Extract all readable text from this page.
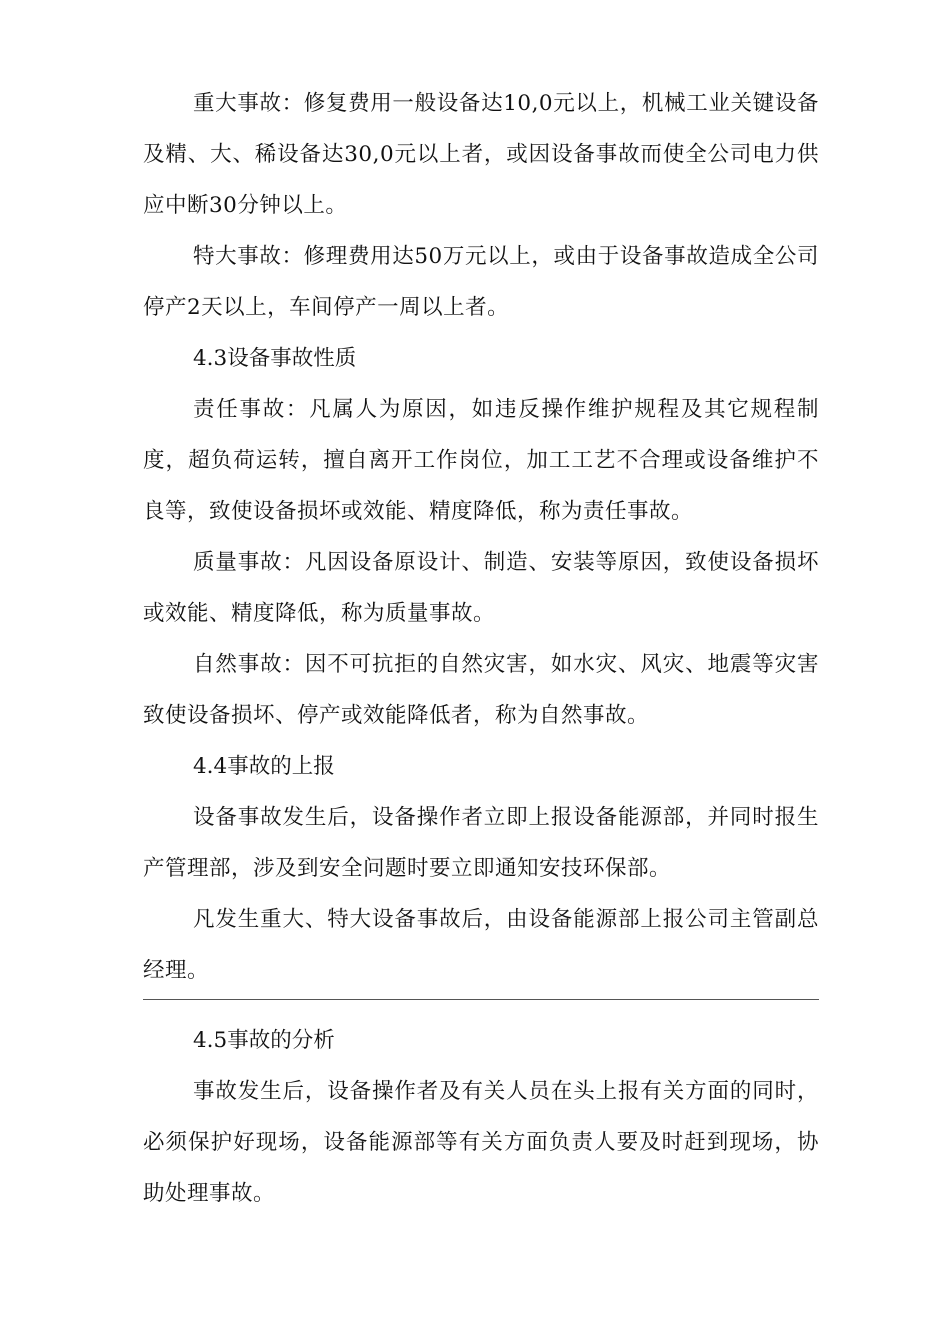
重大事故：修复费用一般设备达10,0元以上，机械工业关键设备及精、大、稀设备达30,0元以上者，或因设备事故而使全公司电力供应中断30分钟以上。

特大事故：修理费用达50万元以上，或由于设备事故造成全公司停产2天以上，车间停产一周以上者。

4.3设备事故性质

责任事故：凡属人为原因，如违反操作维护规程及其它规程制度，超负荷运转，擅自离开工作岗位，加工工艺不合理或设备维护不良等，致使设备损坏或效能、精度降低，称为责任事故。

质量事故：凡因设备原设计、制造、安装等原因，致使设备损坏或效能、精度降低，称为质量事故。

自然事故：因不可抗拒的自然灾害，如水灾、风灾、地震等灾害致使设备损坏、停产或效能降低者，称为自然事故。

4.4事故的上报

设备事故发生后，设备操作者立即上报设备能源部，并同时报生产管理部，涉及到安全问题时要立即通知安技环保部。

凡发生重大、特大设备事故后，由设备能源部上报公司主管副总经理。

4.5事故的分析

事故发生后，设备操作者及有关人员在头上报有关方面的同时，必须保护好现场，设备能源部等有关方面负责人要及时赶到现场，协助处理事故。
